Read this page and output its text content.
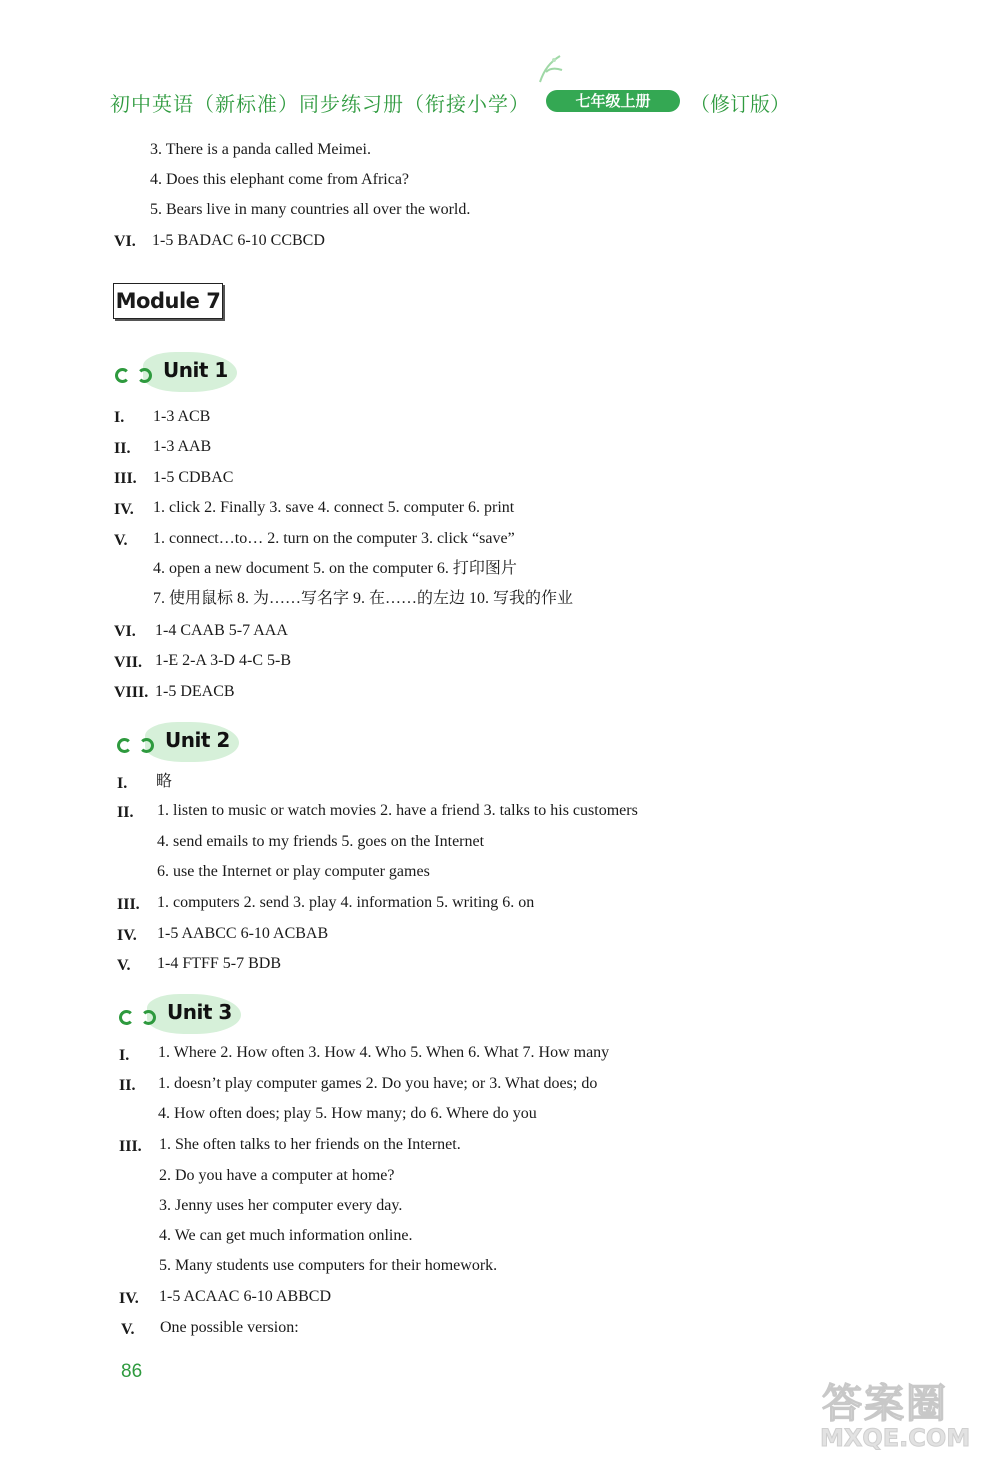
初中英语（新标准）同步练习册（衔接小学）	七年级上册	（修订版）
3. There is a panda called Meimei.
4. Does this elephant come from Africa?
5. Bears live in many countries all over the world.
VI. 1-5 BADAC 6-10 CCBCD
Module 7
Unit 1
I. 1-3 ACB
II. 1-3 AAB
III. 1-5 CDBAC
IV. 1. click 2. Finally 3. save 4. connect 5. computer 6. print
V. 1. connect…to… 2. turn on the computer 3. click “save”
4. open a new document 5. on the computer 6. 打印图片
7. 使用鼠标 8. 为……写名字 9. 在……的左边 10. 写我的作业
VI. 1-4 CAAB 5-7 AAA
VII. 1-E 2-A 3-D 4-C 5-B
VIII. 1-5 DEACB
Unit 2
I. 略
II. 1. listen to music or watch movies 2. have a friend 3. talks to his customers
4. send emails to my friends 5. goes on the Internet
6. use the Internet or play computer games
III. 1. computers 2. send 3. play 4. information 5. writing 6. on
IV. 1-5 AABCC 6-10 ACBAB
V. 1-4 FTFF 5-7 BDB
Unit 3
I. 1. Where 2. How often 3. How 4. Who 5. When 6. What 7. How many
II. 1. doesn’t play computer games 2. Do you have; or 3. What does; do
4. How often does; play 5. How many; do 6. Where do you
III. 1. She often talks to her friends on the Internet.
2. Do you have a computer at home?
3. Jenny uses her computer every day.
4. We can get much information online.
5. Many students use computers for their homework.
IV. 1-5 ACAAC 6-10 ABBCD
V. One possible version:
86
答案圈
MXQE.COM
